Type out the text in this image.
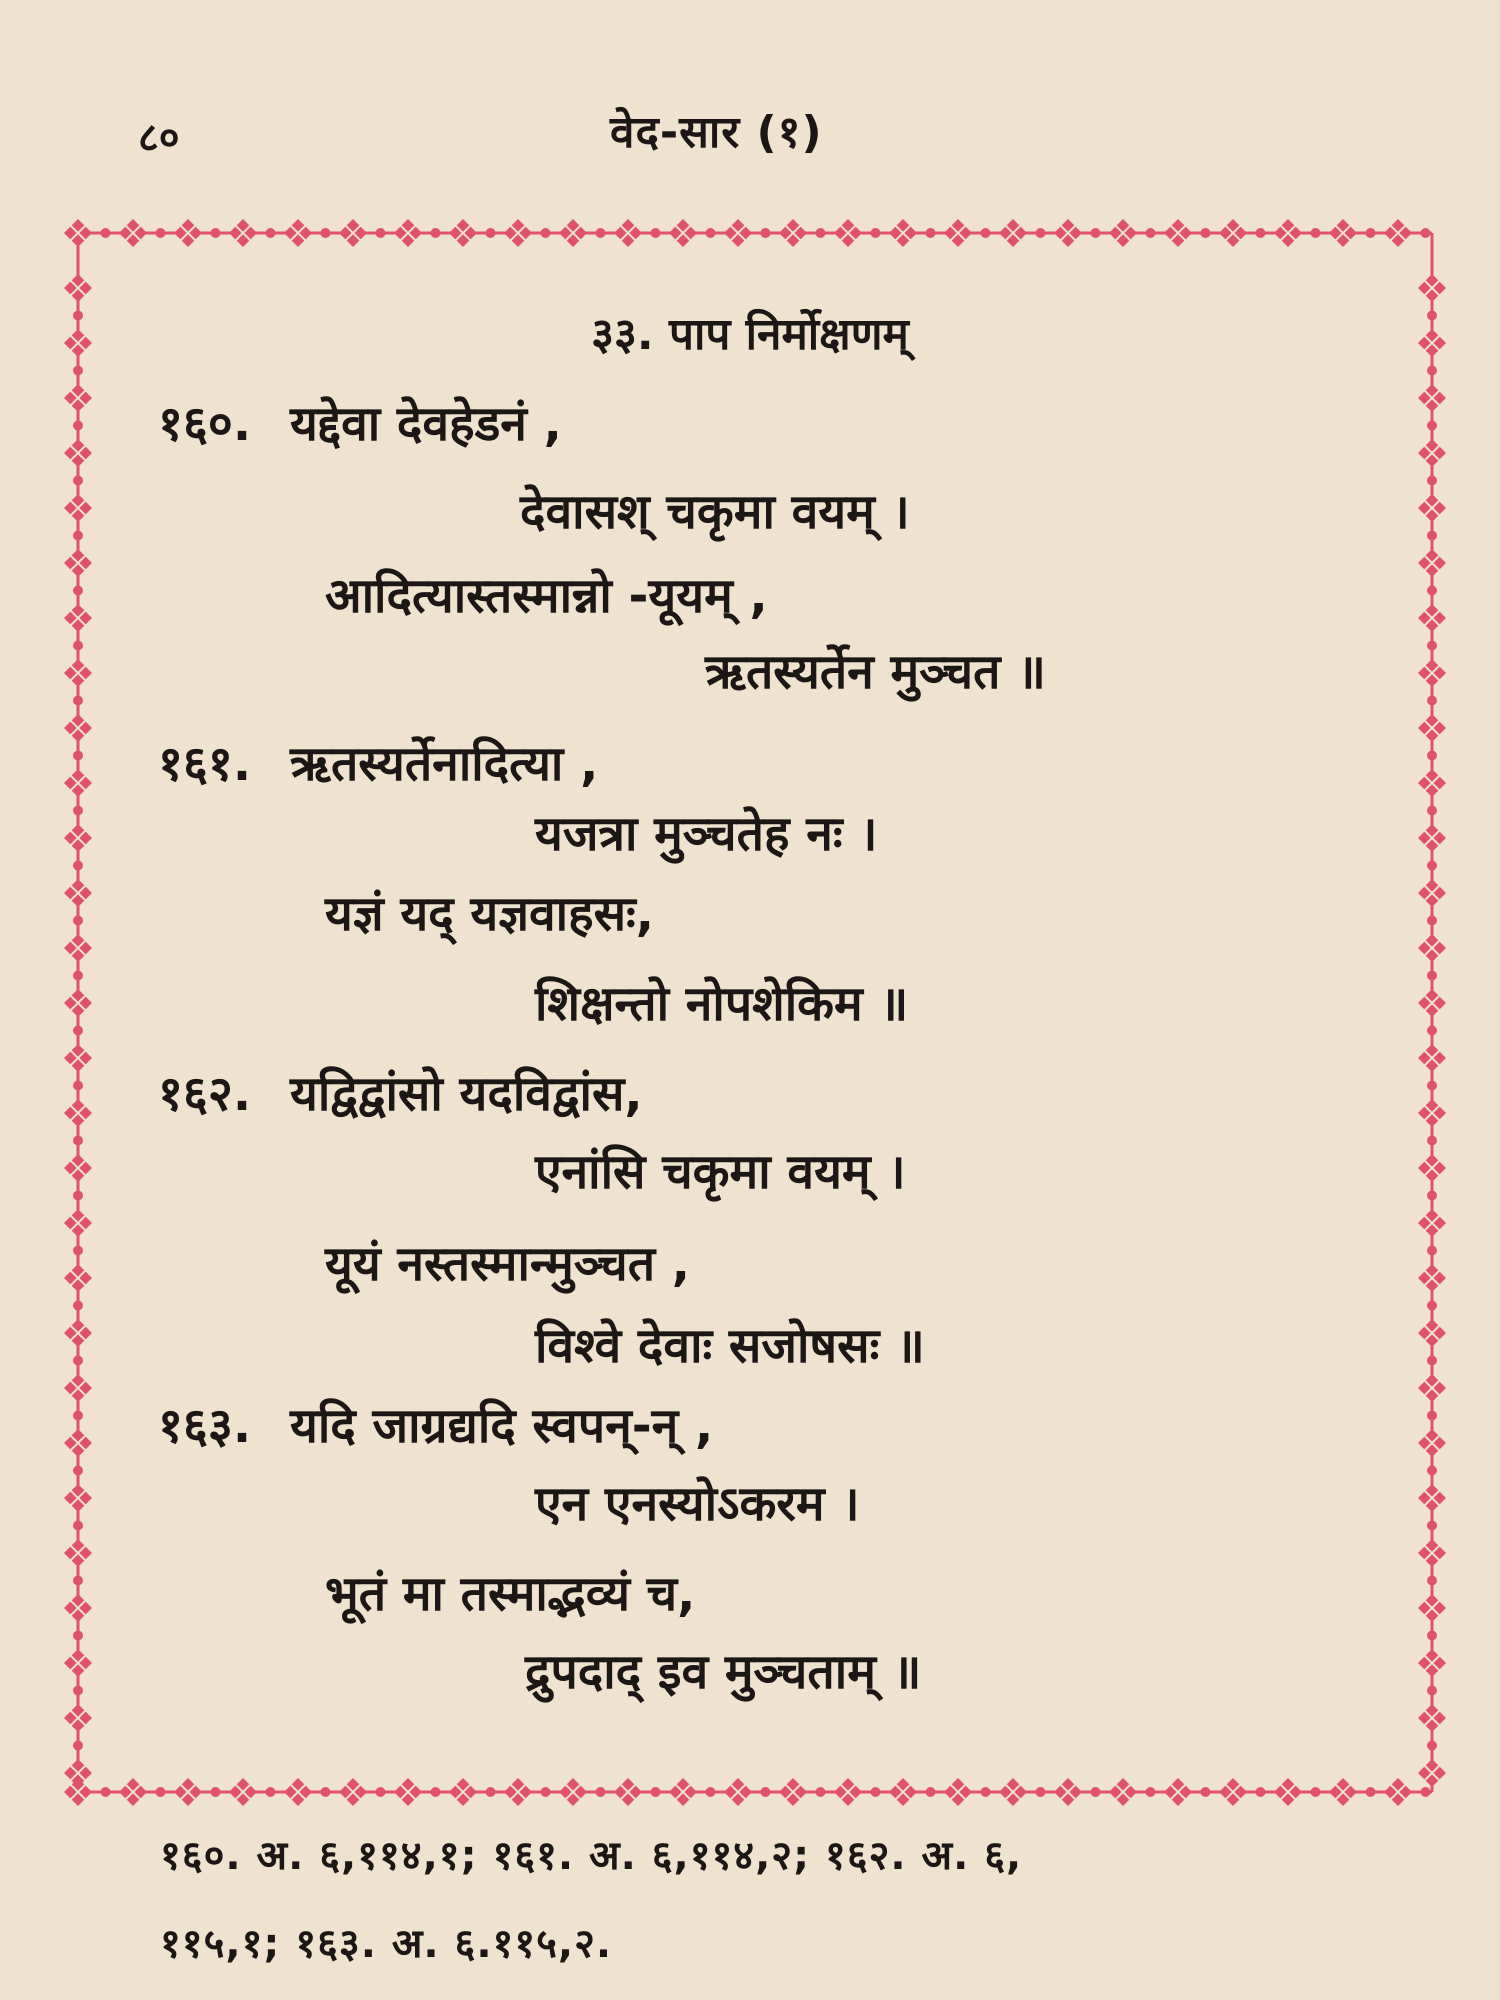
८०	वेद-सार (१)
३३. पाप निर्मोक्षणम्
१६०. यद्देवा देवहेडनं ,
देवासश् चकृमा वयम् ।
आदित्यास्तस्मान्नो -यूयम् ,
ऋतस्यर्तेन मुञ्चत ॥
१६१. ऋतस्यर्तेनादित्या ,
यजत्रा मुञ्चतेह नः ।
यज्ञं यद् यज्ञवाहसः,
शिक्षन्तो नोपशेकिम ॥
१६२. यद्विद्वांसो यदविद्वांस,
एनांसि चकृमा वयम् ।
यूयं नस्तस्मान्मुञ्चत ,
विश्वे देवाः सजोषसः ॥
१६३. यदि जाग्रद्यदि स्वपन्-न् ,
एन एनस्योऽकरम ।
भूतं मा तस्माद्भव्यं च,
द्रुपदाद् इव मुञ्चताम् ॥
१६०. अ. ६,११४,१; १६१. अ. ६,११४,२; १६२. अ. ६,
११५,१; १६३. अ. ६.११५,२.
